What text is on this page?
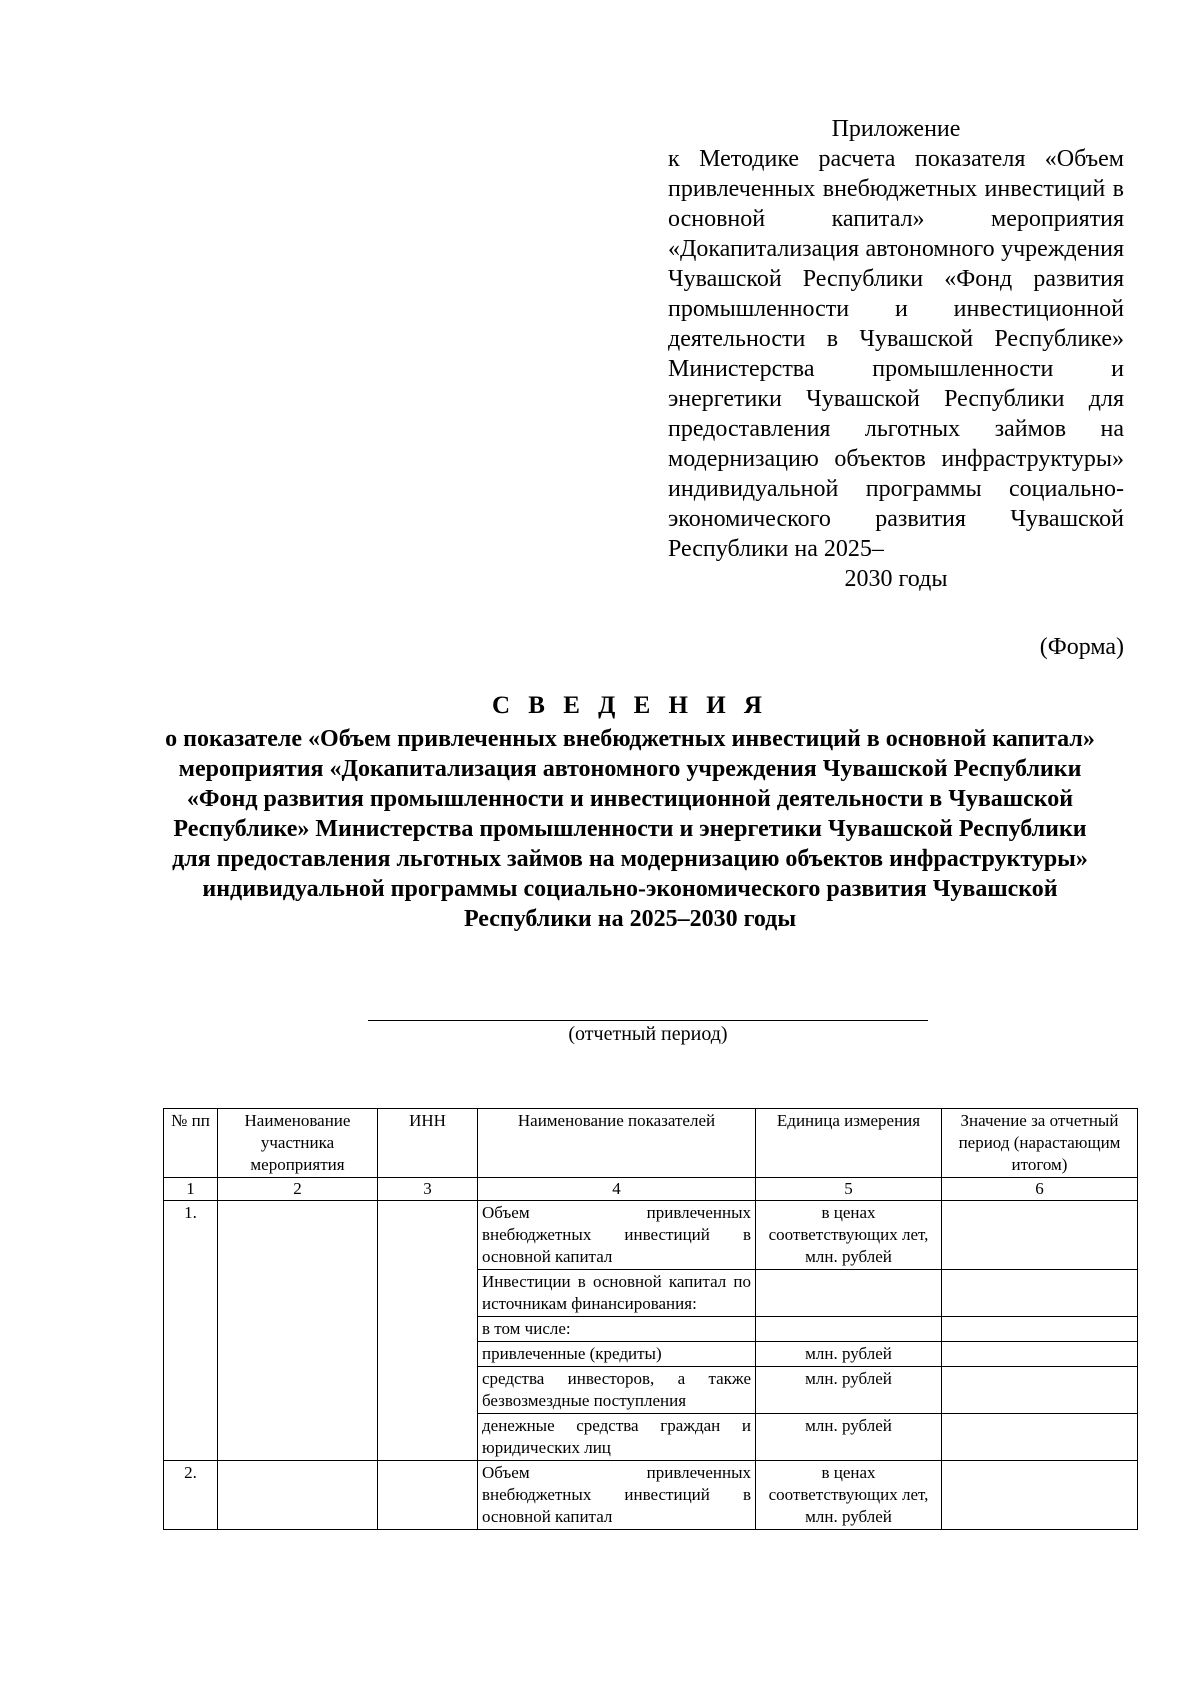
Приложение
к Методике расчета показателя «Объем привлеченных внебюджетных инвестиций в основной капитал» мероприятия «Докапитализация автономного учреждения Чувашской Республики «Фонд развития промышленности и инвестиционной деятельности в Чувашской Республике» Министерства промышленности и энергетики Чувашской Республики для предоставления льготных займов на модернизацию объектов инфраструктуры» индивидуальной программы социально-экономического развития Чувашской Республики на 2025–
2030 годы
(Форма)
С В Е Д Е Н И Я
о показателе «Объем привлеченных внебюджетных инвестиций в основной капитал» мероприятия «Докапитализация автономного учреждения Чувашской Республики «Фонд развития промышленности и инвестиционной деятельности в Чувашской Республике» Министерства промышленности и энергетики Чувашской Республики для предоставления льготных займов на модернизацию объектов инфраструктуры» индивидуальной программы социально-экономического развития Чувашской Республики на 2025–2030 годы
(отчетный период)
№ пп	Наименование участника мероприятия	ИНН	Наименование показателей	Единица измерения	Значение за отчетный период (нарастающим итогом)
1	2	3	4	5	6
1.			Объем привлеченных внебюджетных инвестиций в основной капитал	в ценах соответствующих лет, млн. рублей	
			Инвестиции в основной капитал по источникам финансирования:		
			в том числе:		
			привлеченные (кредиты)	млн. рублей	
			средства инвесторов, а также безвозмездные поступления	млн. рублей	
			денежные средства граждан и юридических лиц	млн. рублей	
2.			Объем привлеченных внебюджетных инвестиций в основной капитал	в ценах соответствующих лет, млн. рублей	
